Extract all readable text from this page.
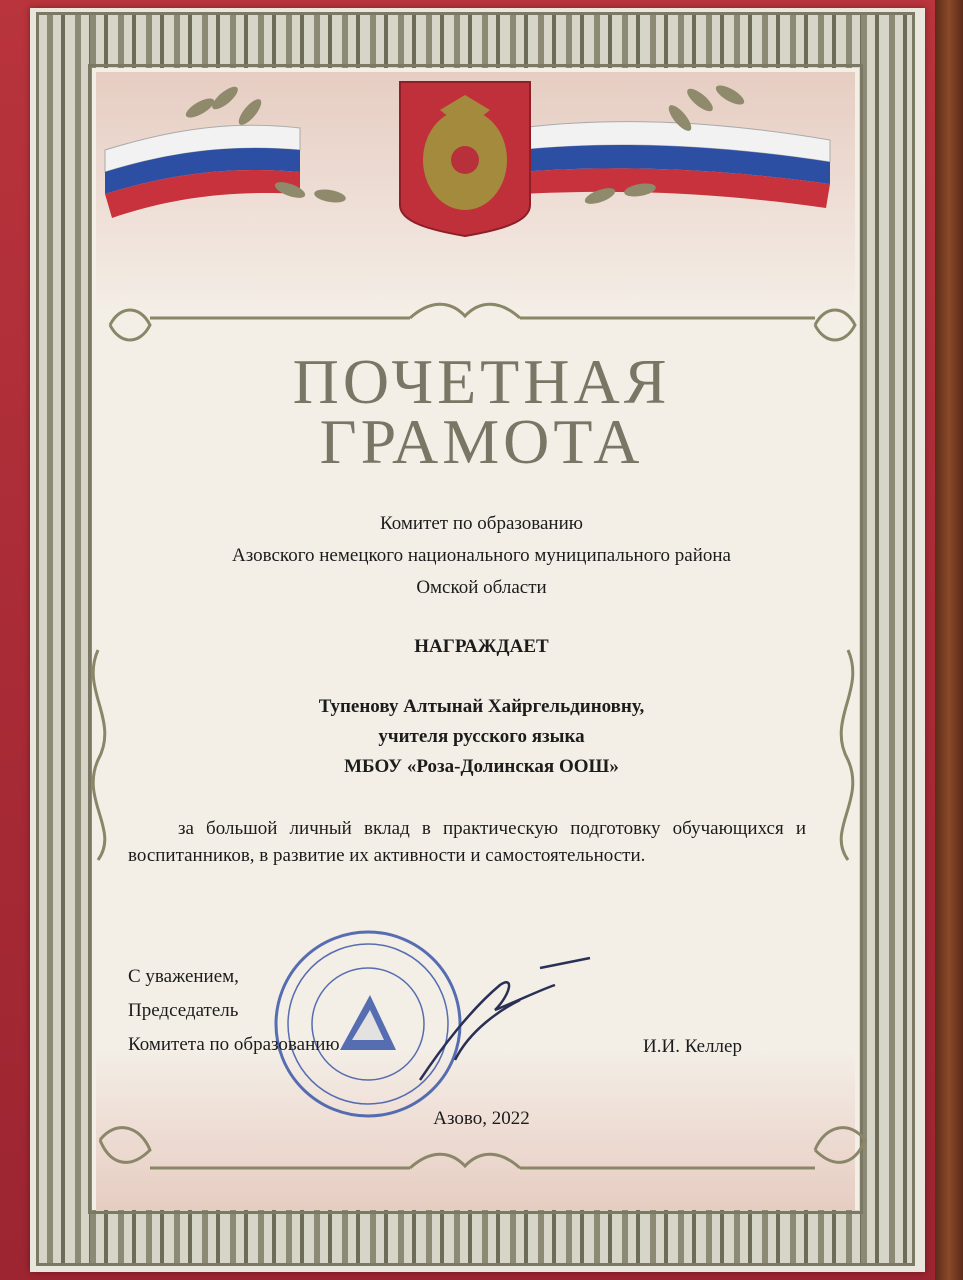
ПОЧЕТНАЯ
ГРАМОТА
Комитет по образованию
Азовского немецкого национального муниципального района
Омской области
НАГРАЖДАЕТ
Тупенову Алтынай Хайргельдиновну,
учителя русского языка
МБОУ «Роза-Долинская ООШ»
за большой личный вклад в практическую подготовку обучающихся и воспитанников, в развитие их активности и самостоятельности.
С уважением,
Председатель
Комитета по образованию	И.И. Келлер
Азово, 2022
